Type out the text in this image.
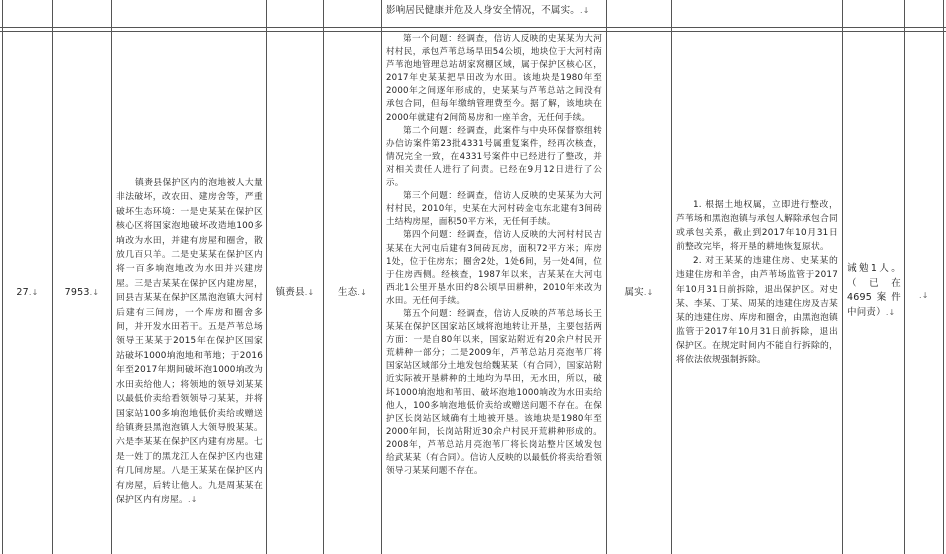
影响居民健康并危及人身安全情况，不属实。.↓
27 .↓	7953 .↓
镇赉县保护区内的泡地被人大量非法破坏，改农田、建房舍等，严重破坏生态环境：一是史某某在保护区核心区将国家泡地破坏改造地100多垧改为水田，并建有房屋和圈舍，散放几百只羊。二是史某某在保护区内将一百多垧泡地改为水田并兴建房屋。三是吉某某在保护区内建房屋，回县吉某某在保护区黑泡泡镇大河村后建有三间房，一个库房和圈舍多间，并开发水田若干。五是芦苇总场领导王某某于2015年在保护区国家站破坏1000垧泡地和苇地；于2016年至2017年期间破坏泡1000垧改为水田卖给他人；将领地的领导刘某某以最低价卖给看领领导刁某某，并将国家站100多垧泡地低价卖给或赠送给镇赉县黑泡泡镇人大领导殷某某。六是李某某在保护区内建有房屋。七是一姓丁的黑龙江人在保护区内也建有几间房屋。八是王某某在保护区内有房屋，后转让他人。九是周某某在保护区内有房屋。.↓
镇赉县 .↓ 生态 .↓

第一个问题：经调查，信访人反映的史某某为大河村村民，承包芦苇总场旱田54公顷，地块位于大河村南芦苇泡地管理总站胡家窝棚区域，属于保护区核心区，2017年史某某把旱田改为水田。该地块是1980年至2000年之间逐年形成的，史某某与芦苇总站之间没有承包合同，但每年缴纳管理费至今。据了解，该地块在2000年就建有2间简易房和一座羊舍，无任何手续。

第二个问题：经调查，此案件与中央环保督察组转办信访案件第23批4331号属重复案件，经再次核查，情况完全一致，在4331号案件中已经进行了整改，并对相关责任人进行了问责。已经在9月12日进行了公示。

第三个问题：经调查，信访人反映的史某某为大河村村民，2010年，史某在大河村砖金屯东北建有3间砖土结构房屋，面积50平方米，无任何手续。

第四个问题：经调查，信访人反映的大河村村民吉某某在大河屯后建有3间砖瓦房，面积72平方米；库房1处，位于住房东；圈舍2处，1处6间，另一处4间，位于住房西侧。经核查，1987年以来，吉某某在大河屯西北1公里开垦水田约8公顷旱田耕种，2010年来改为水田。无任何手续。

第五个问题：经调查，信访人反映的芦苇总场长王某某在保护区国家站区域将泡地转让开垦，主要包括两方面：一是自80年以来，国家站附近有20余户村民开荒耕种一部分；二是2009年，芦苇总站月亮泡苇厂将国家站区域部分土地发包给魏某某（有合同），国家站附近实际被开垦耕种的土地均为旱田，无水田，所以，破坏1000垧泡地和苇田、破坏泡地1000垧改为水田卖给他人，100多垧泡地低价卖给或赠送问题不存在。在保护区长岗站区域确有土地被开垦。该地块是1980年至2000年间，长岗站附近30余户村民开荒耕种形成的。2008年，芦苇总站月亮泡苇厂将长岗站整片区域发包给武某某（有合同）。信访人反映的以最低价将卖给看领领导刁某某问题不存在。

属实 .↓

1. 根据土地权属，立即进行整改，芦苇场和黑泡泡镇与承包人解除承包合同或承包关系，截止到2017年10月31日前整改完毕，将开垦的耕地恢复原状。

2. 对王某某的违建住房、史某某的违建住房和羊舍，由芦苇场监管于2017年10月31日前拆除，退出保护区。对史某、李某、丁某、周某的违建住房及吉某某的违建住房、库房和圈舍，由黑泡泡镇监管于2017年10月31日前拆除，退出保护区。在规定时间内不能自行拆除的，将依法依规强制拆除。

诫勉1人。（已在4695案件中问责）.↓
.↓
